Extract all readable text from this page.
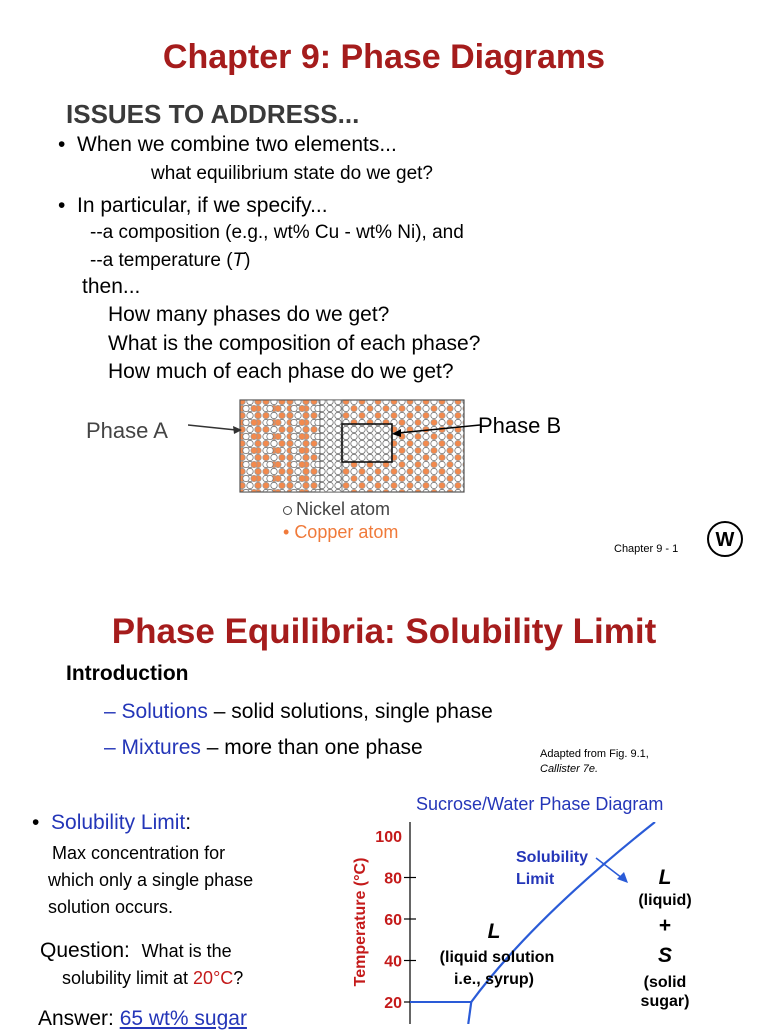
Chapter 9: Phase Diagrams
ISSUES TO ADDRESS...
•  When we combine two elements...
what equilibrium state do we get?
•  In particular, if we specify...
--a composition (e.g., wt% Cu - wt% Ni), and
--a temperature (T)
then...
How many phases do we get?
What is the composition of each phase?
How much of each phase do we get?
Phase A	Phase B
Nickel atom
• Copper atom
Chapter 9 - 1 W
Phase Equilibria: Solubility Limit
Introduction
– Solutions – solid solutions, single phase
– Mixtures – more than one phase	Adapted from Fig. 9.1,
Callister 7e.
•  Solubility Limit:
Max concentration for
which only a single phase
solution occurs.
Question: What is the
solubility limit at 20°C?
Answer: 65 wt% sugar
Sucrose/Water Phase Diagram
Temperature (°C)
100
80
60
40
20
L
(liquid solution
i.e., syrup)
L
(liquid)
+
S
(solid
sugar)
Solubility
Limit
